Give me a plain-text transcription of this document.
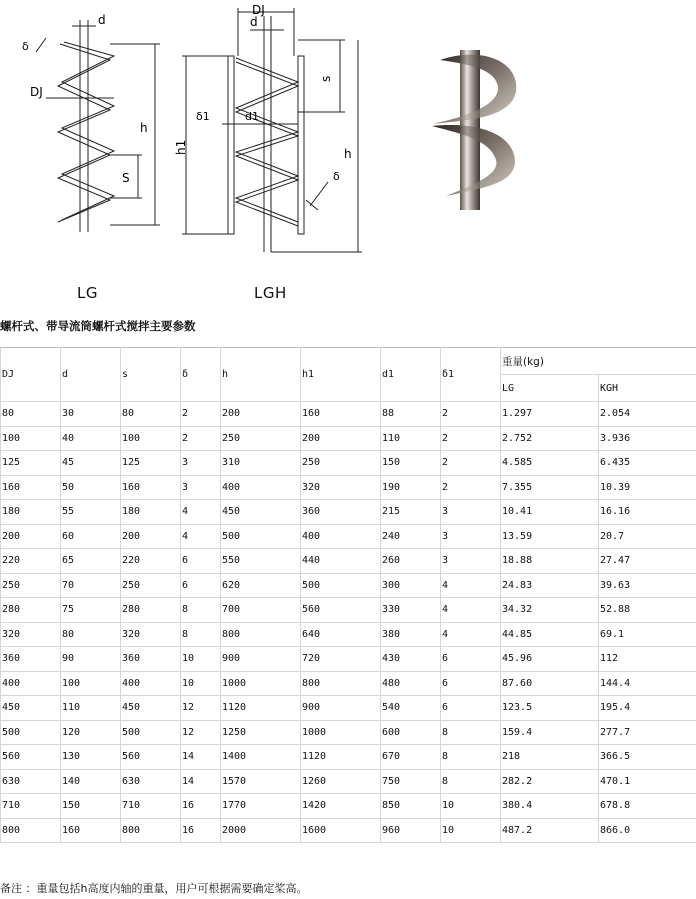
d
δ
DJ
h
S
DJ
d
s
δ1	d1
h1	h
δ
LG	LGH
螺杆式、带导流筒螺杆式搅拌主要参数
DJ	d	s	δ	h	h1	d1	δ1	重量(kg)	
								LG	KGH
80	30	80	2	200	160	88	2	1.297	2.054
100	40	100	2	250	200	110	2	2.752	3.936
125	45	125	3	310	250	150	2	4.585	6.435
160	50	160	3	400	320	190	2	7.355	10.39
180	55	180	4	450	360	215	3	10.41	16.16
200	60	200	4	500	400	240	3	13.59	20.7
220	65	220	6	550	440	260	3	18.88	27.47
250	70	250	6	620	500	300	4	24.83	39.63
280	75	280	8	700	560	330	4	34.32	52.88
320	80	320	8	800	640	380	4	44.85	69.1
360	90	360	10	900	720	430	6	45.96	112
400	100	400	10	1000	800	480	6	87.60	144.4
450	110	450	12	1120	900	540	6	123.5	195.4
500	120	500	12	1250	1000	600	8	159.4	277.7
560	130	560	14	1400	1120	670	8	218	366.5
630	140	630	14	1570	1260	750	8	282.2	470.1
710	150	710	16	1770	1420	850	10	380.4	678.8
800	160	800	16	2000	1600	960	10	487.2	866.0
备注 ：重量包括h高度内轴的重量，用户可根据需要确定桨高。
